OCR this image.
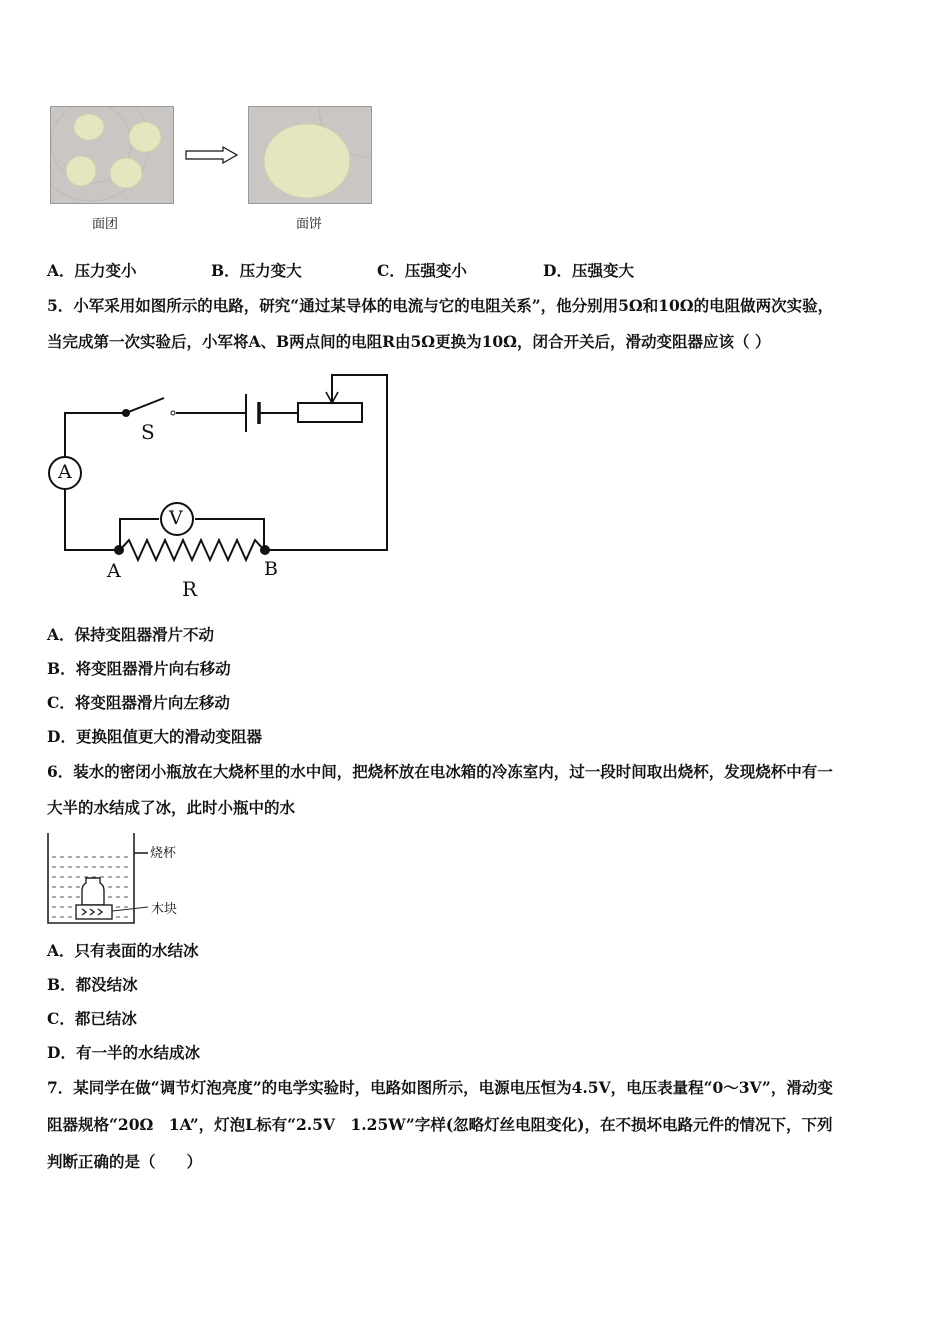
面团	面饼
A．压力变小	B．压力变大	C．压强变小	D．压强变大
5．小军采用如图所示的电路，研究“通过某导体的电流与它的电阻关系”，他分别用5Ω和10Ω的电阻做两次实验，
当完成第一次实验后，小军将A、B两点间的电阻R由5Ω更换为10Ω，闭合开关后，滑动变阻器应该（ ）
S
A
V
A	B
R
A．保持变阻器滑片不动
B．将变阻器滑片向右移动
C．将变阻器滑片向左移动
D．更换阻值更大的滑动变阻器
6．装水的密闭小瓶放在大烧杯里的水中间，把烧杯放在电冰箱的冷冻室内，过一段时间取出烧杯，发现烧杯中有一
大半的水结成了冰，此时小瓶中的水
烧杯
木块
A．只有表面的水结冰
B．都没结冰
C．都已结冰
D．有一半的水结成冰
7．某同学在做“调节灯泡亮度”的电学实验时，电路如图所示，电源电压恒为4.5V，电压表量程“0～3V”，滑动变
阻器规格“20Ω　1A”，灯泡L标有“2.5V　1.25W”字样(忽略灯丝电阻变化)，在不损坏电路元件的情况下，下列
判断正确的是（　　）
